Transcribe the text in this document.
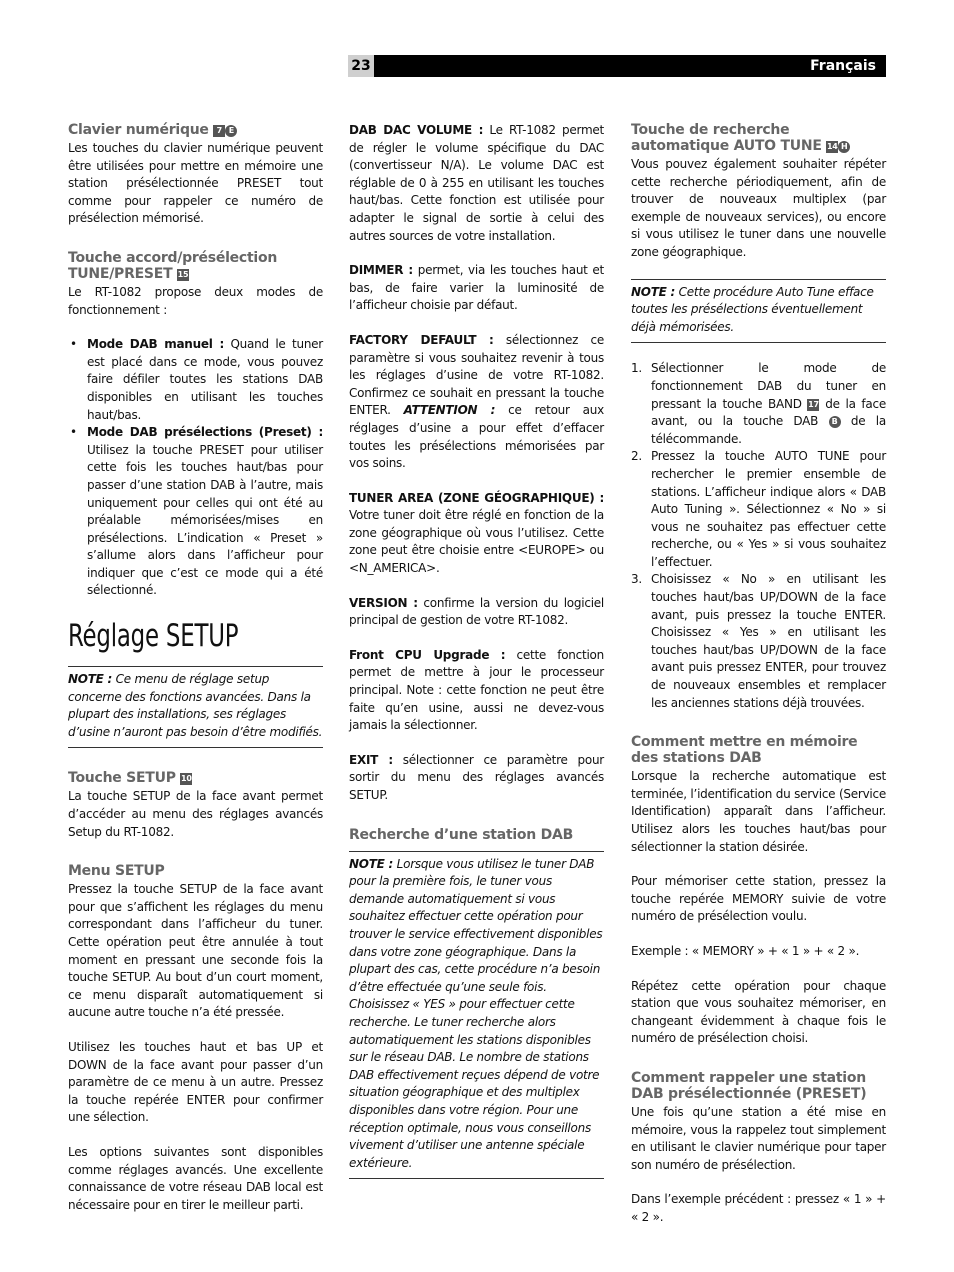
23	Français
Clavier numérique 7 E

Les touches du clavier numérique peuvent être utilisées pour mettre en mémoire une station présélectionnée PRESET tout comme pour rappeler ce numéro de présélection mémorisé.

Touche accord/présélection TUNE/PRESET 15

Le RT-1082 propose deux modes de fonctionnement :

• Mode DAB manuel : Quand le tuner est placé dans ce mode, vous pouvez faire défiler toutes les stations DAB disponibles en utilisant les touches haut/bas.
• Mode DAB présélections (Preset) : Utilisez la touche PRESET pour utiliser cette fois les touches haut/bas pour passer d’une station DAB à l’autre, mais uniquement pour celles qui ont été au préalable mémorisées/mises en présélections. L’indication « Preset » s’allume alors dans l’afficheur pour indiquer que c’est ce mode qui a été sélectionné.
Réglage SETUP
NOTE : Ce menu de réglage setup concerne des fonctions avancées. Dans la plupart des installations, ses réglages d’usine n’auront pas besoin d’être modifiés.
Touche SETUP 10

La touche SETUP de la face avant permet d’accéder au menu des réglages avancés Setup du RT-1082.

Menu SETUP

Pressez la touche SETUP de la face avant pour que s’affichent les réglages du menu correspondant dans l’afficheur du tuner. Cette opération peut être annulée à tout moment en pressant une seconde fois la touche SETUP. Au bout d’un court moment, ce menu disparaît automatiquement si aucune autre touche n’a été pressée.

Utilisez les touches haut et bas UP et DOWN de la face avant pour passer d’un paramètre de ce menu à un autre. Pressez la touche repérée ENTER pour confirmer une sélection.

Les options suivantes sont disponibles comme réglages avancés. Une excellente connaissance de votre réseau DAB local est nécessaire pour en tirer le meilleur parti.

DAB DAC VOLUME : Le RT-1082 permet de régler le volume spécifique du DAC (convertisseur N/A). Le volume DAC est réglable de 0 à 255 en utilisant les touches haut/bas. Cette fonction est utilisée pour adapter le signal de sortie à celui des autres sources de votre installation.

DIMMER : permet, via les touches haut et bas, de faire varier la luminosité de l’afficheur choisie par défaut.

FACTORY DEFAULT : sélectionnez ce paramètre si vous souhaitez revenir à tous les réglages d’usine de votre RT-1082. Confirmez ce souhait en pressant la touche ENTER. ATTENTION : ce retour aux réglages d’usine a pour effet d’effacer toutes les présélections mémorisées par vos soins.

TUNER AREA (ZONE GÉOGRAPHIQUE) : Votre tuner doit être réglé en fonction de la zone géographique où vous l’utilisez. Cette zone peut être choisie entre <EUROPE> ou <N_AMERICA>.

VERSION : confirme la version du logiciel principal de gestion de votre RT-1082.

Front CPU Upgrade : cette fonction permet de mettre à jour le processeur principal. Note : cette fonction ne peut être faite qu’en usine, aussi ne devez-vous jamais la sélectionner.

EXIT : sélectionner ce paramètre pour sortir du menu des réglages avancés SETUP.

Recherche d’une station DAB
NOTE : Lorsque vous utilisez le tuner DAB pour la première fois, le tuner vous demande automatiquement si vous souhaitez effectuer cette opération pour trouver le service effectivement disponibles dans votre zone géographique. Dans la plupart des cas, cette procédure n’a besoin d’être effectuée qu’une seule fois. Choisissez « YES » pour effectuer cette recherche. Le tuner recherche alors automatiquement les stations disponibles sur le réseau DAB. Le nombre de stations DAB effectivement reçues dépend de votre situation géographique et des multiplex disponibles dans votre région. Pour une réception optimale, nous vous conseillons vivement d’utiliser une antenne spéciale extérieure.
Touche de recherche automatique AUTO TUNE 14 H

Vous pouvez également souhaiter répéter cette recherche périodiquement, afin de trouver de nouveaux multiplex (par exemple de nouveaux services), ou encore si vous utilisez le tuner dans une nouvelle zone géographique.

NOTE : Cette procédure Auto Tune efface toutes les présélections éventuellement déjà mémorisées.
1. Sélectionner le mode de fonctionnement DAB du tuner en pressant la touche BAND 17 de la face avant, ou la touche DAB B de la télécommande.
2. Pressez la touche AUTO TUNE pour rechercher le premier ensemble de stations. L’afficheur indique alors « DAB Auto Tuning ». Sélectionnez « No » si vous ne souhaitez pas effectuer cette recherche, ou « Yes » si vous souhaitez l’effectuer.
3. Choisissez « No » en utilisant les touches haut/bas UP/DOWN de la face avant, puis pressez la touche ENTER. Choisissez « Yes » en utilisant les touches haut/bas UP/DOWN de la face avant puis pressez ENTER, pour trouvez de nouveaux ensembles et remplacer les anciennes stations déjà trouvées.
Comment mettre en mémoire des stations DAB

Lorsque la recherche automatique est terminée, l’identification du service (Service Identification) apparaît dans l’afficheur. Utilisez alors les touches haut/bas pour sélectionner la station désirée.

Pour mémoriser cette station, pressez la touche repérée MEMORY suivie de votre numéro de présélection voulu.

Exemple : « MEMORY » + « 1 » + « 2 ».

Répétez cette opération pour chaque station que vous souhaitez mémoriser, en changeant évidemment à chaque fois le numéro de présélection choisi.

Comment rappeler une station DAB présélectionnée (PRESET)

Une fois qu’une station a été mise en mémoire, vous la rappelez tout simplement en utilisant le clavier numérique pour taper son numéro de présélection.

Dans l’exemple précédent : pressez « 1 » + « 2 ».
